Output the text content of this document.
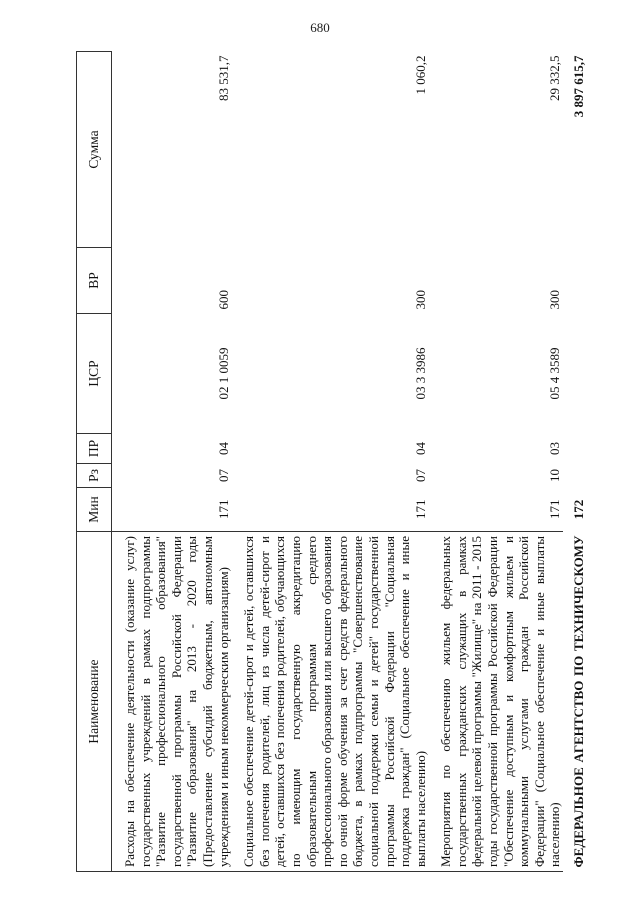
680
Наименование	Мин	Рз	ПР	ЦСР	ВР	Сумма

Расходы на обеспечение деятельности (оказание услуг) государственных учреждений в рамках подпрограммы "Развитие профессионального образования" государственной программы Российской Федерации "Развитие образования" на 2013 - 2020 годы (Предоставление субсидий бюджетным, автономным учреждениям и иным некоммерческим организациям)	171	07	04	02 1 0059	600	83 531,7

Социальное обеспечение детей-сирот и детей, оставшихся без попечения родителей, лиц из числа детей-сирот и детей, оставшихся без попечения родителей, обучающихся по имеющим государственную аккредитацию образовательным программам среднего профессионального образования или высшего образования по очной форме обучения за счет средств федерального бюджета, в рамках подпрограммы "Совершенствование социальной поддержки семьи и детей" государственной программы Российской Федерации "Социальная поддержка граждан" (Социальное обеспечение и иные выплаты населению)	171	07	04	03 3 3986	300	1 060,2

Мероприятия по обеспечению жильем федеральных государственных гражданских служащих в рамках федеральной целевой программы "Жилище" на 2011 - 2015 годы государственной программы Российской Федерации "Обеспечение доступным и комфортным жильем и коммунальными услугами граждан Российской Федерации" (Социальное обеспечение и иные выплаты населению)	171	10	03	05 4 3589	300	29 332,5
ФЕДЕРАЛЬНОЕ АГЕНТСТВО ПО ТЕХНИЧЕСКОМУ	172					3 897 615,7
